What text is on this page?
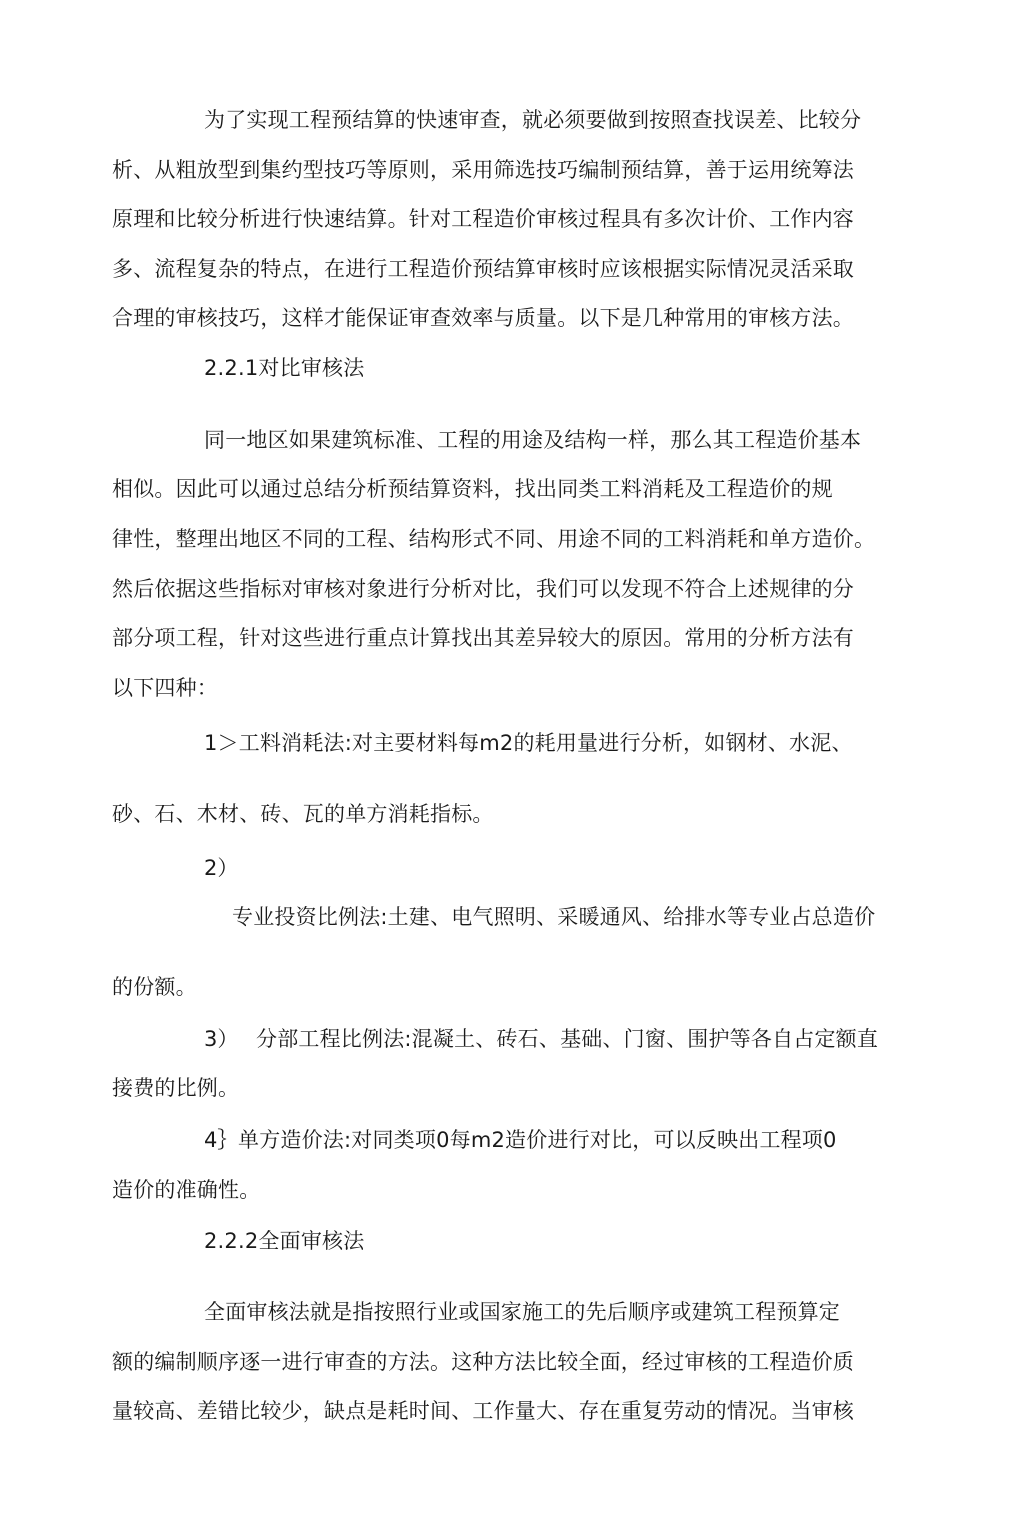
为了实现工程预结算的快速审查，就必须要做到按照查找误差、比较分

析、从粗放型到集约型技巧等原则，采用筛选技巧编制预结算，善于运用统筹法

原理和比较分析进行快速结算。针对工程造价审核过程具有多次计价、工作内容

多、流程复杂的特点，在进行工程造价预结算审核时应该根据实际情况灵活采取

合理的审核技巧，这样才能保证审查效率与质量。以下是几种常用的审核方法。

2.2.1对比审核法

同一地区如果建筑标准、工程的用途及结构一样，那么其工程造价基本

相似。因此可以通过总结分析预结算资料，找出同类工料消耗及工程造价的规

律性，整理出地区不同的工程、结构形式不同、用途不同的工料消耗和单方造价。

然后依据这些指标对审核对象进行分析对比，我们可以发现不符合上述规律的分

部分项工程，针对这些进行重点计算找出其差异较大的原因。常用的分析方法有

以下四种：

1＞工料消耗法:对主要材料每m2的耗用量进行分析，如钢材、水泥、

砂、石、木材、砖、瓦的单方消耗指标。

2）

专业投资比例法:土建、电气照明、采暖通风、给排水等专业占总造价

的份额。

3） 分部工程比例法:混凝土、砖石、基础、门窗、围护等各自占定额直

接费的比例。

4｝ 单方造价法:对同类项0每m2造价进行对比，可以反映出工程项0

造价的准确性。

2.2.2全面审核法

全面审核法就是指按照行业或国家施工的先后顺序或建筑工程预算定

额的编制顺序逐一进行审查的方法。这种方法比较全面，经过审核的工程造价质

量较高、差错比较少，缺点是耗时间、工作量大、存在重复劳动的情况。当审核
